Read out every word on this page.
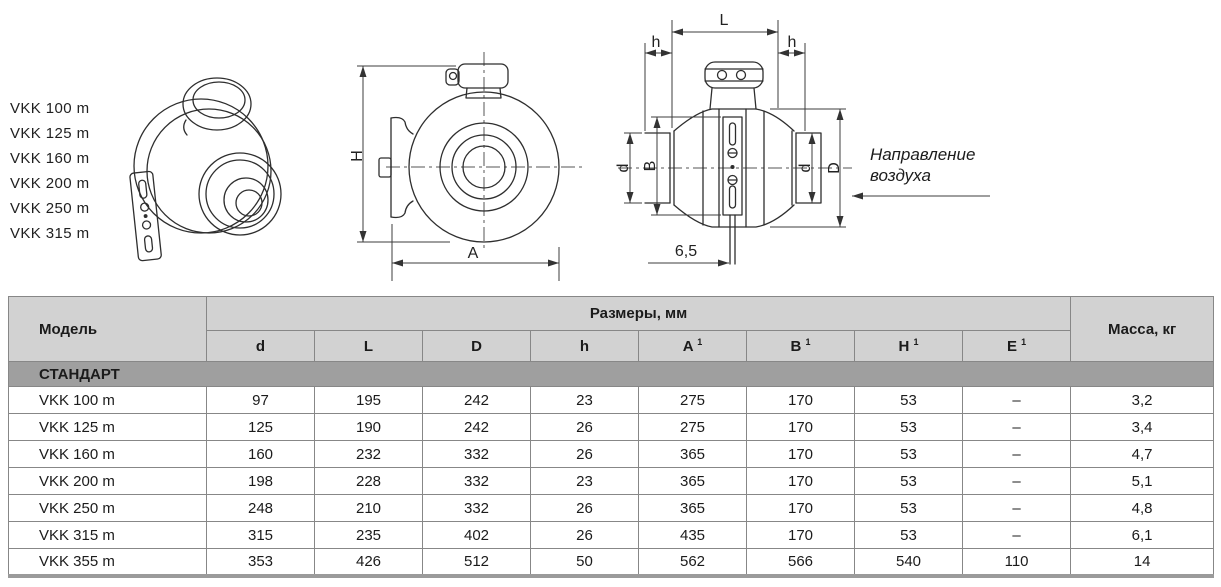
H
A
L
h	h
d B	d D
6,5
Направление
воздуха
VKK 100 m
VKK 125 m
VKK 160 m
VKK 200 m
VKK 250 m
VKK 315 m
Модель	Размеры, мм								Масса, кг
	d	L	D	h	A $^1$	B $^1$	H $^1$	E $^1$
СТАНДАРТ									
VKK 100 m	97	195	242	23	275	170	53	–	3,2
VKK 125 m	125	190	242	26	275	170	53	–	3,4
VKK 160 m	160	232	332	26	365	170	53	–	4,7
VKK 200 m	198	228	332	23	365	170	53	–	5,1
VKK 250 m	248	210	332	26	365	170	53	–	4,8
VKK 315 m	315	235	402	26	435	170	53	–	6,1
VKK 355 m	353	426	512	50	562	566	540	110	14
